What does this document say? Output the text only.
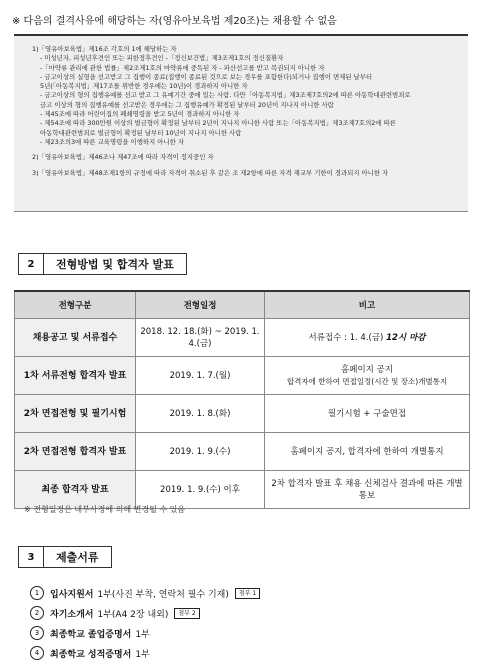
※ 다음의 결격사유에 해당하는 자(영유아보육법 제20조)는 채용할 수 없음
1)「영유아보육법」제16조 각호의 1에 해당하는 자
- 미성년자, 피성년후견인 또는 피한정후견인 -「정신보건법」제3조제1호의 정신질환자
-「마약류 관리에 관한 법률」제2조제1호의 마약류에 중독된 자 - 파산선고를 받고 복권되지 아니한 자
- 금고이상의 실형을 선고받고 그 집행이 종료(집행이 종료된 것으로 보는 경우를 포함한다)되거나 집행이 면제된 날부터
5년(「아동복지법」제17조를 위반한 경우에는 10년)이 경과하지 아니한 자
- 금고이상의 형의 집행유예를 선고 받고 그 유예기간 중에 있는 사람. 다만「아동복지법」제3조제7호의2에 따른 아동학대관련범죄로
금고 이상의 형의 집행유예를 선고받은 경우에는 그 집행유예가 확정된 날부터 20년이 지나지 아니한 사람
- 제45조에 따라 어린이집의 폐쇄명령을 받고 5년이 경과하지 아니한 자
- 제54조에 따라 300만원 이상의 벌금형이 확정된 날부터 2년이 지나지 아니한 사람 또는「아동복지법」제3조제7호의2에 따른
아동학대관련범죄로 벌금형이 확정된 날부터 10년이 지나지 아니한 사람
- 제23조의3에 따른 교육명령을 이행하지 아니한 자
2)「영유아보육법」제46조나 제47조에 따라 자격이 정지중인 자
3)「영유아보육법」제48조제1항의 규정에 따라 자격이 취소된 후 같은 조 제2항에 따른 자격 재교부 기한이 경과되지 아니한 자
2	전형방법 및 합격자 발표
전형구분	전형일정	비고
채용공고 및 서류접수	2018. 12. 18.(화) ~ 2019. 1. 4.(금)	서류접수 : 1. 4.(금) 12시 마감
1차 서류전형 합격자 발표	2019. 1. 7.(월)	홈페이지 공지
합격자에 한하여 면접일정(시간 및 장소)개별통지

2차 면접전형 및 필기시험	2019. 1. 8.(화)	필기시험 + 구술면접
2차 면접전형 합격자 발표	2019. 1. 9.(수)	홈페이지 공지, 합격자에 한하여 개별통지
최종 합격자 발표	2019. 1. 9.(수) 이후	2차 합격자 발표 후 채용 신체검사 결과에 따른 개별통보
※ 전형일정은 내부사정에 의해 변경될 수 있음
3	제출서류
1	입사지원서 1부(사진 부착, 연락처 필수 기재)	첨부 1
2	자기소개서 1부(A4 2장 내외)	첨부 2
3	최종학교 졸업증명서 1부
4	최종학교 성적증명서 1부
